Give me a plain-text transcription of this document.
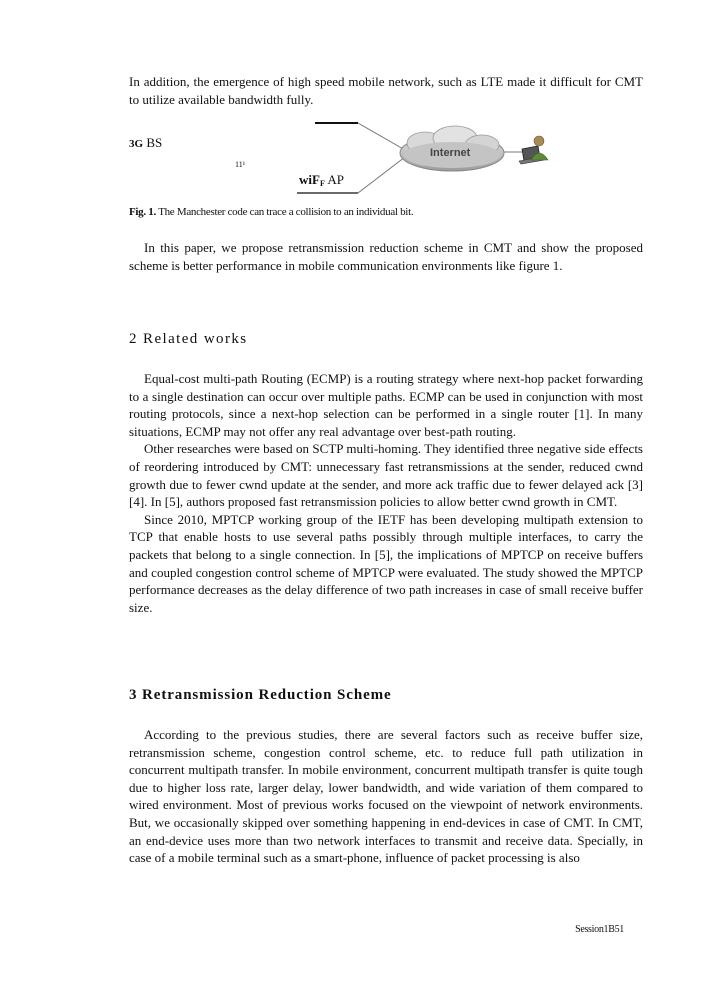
In addition, the emergence of high speed mobile network, such as LTE made it difficult for CMT to utilize available bandwidth fully.

Internet
3G BS
11¹
wiFF AP
Fig. 1. The Manchester code can trace a collision to an individual bit.

In this paper, we propose retransmission reduction scheme in CMT and show the proposed scheme is better performance in mobile communication environments like figure 1.

2 Related works

Equal-cost multi-path Routing (ECMP) is a routing strategy where next-hop packet forwarding to a single destination can occur over multiple paths. ECMP can be used in conjunction with most routing protocols, since a next-hop selection can be performed in a single router [1]. In many situations, ECMP may not offer any real advantage over best-path routing.

Other researches were based on SCTP multi-homing. They identified three negative side effects of reordering introduced by CMT: unnecessary fast retransmissions at the sender, reduced cwnd growth due to fewer cwnd update at the sender, and more ack traffic due to fewer delayed ack [3][4]. In [5], authors proposed fast retransmission policies to allow better cwnd growth in CMT.

Since 2010, MPTCP working group of the IETF has been developing multipath extension to TCP that enable hosts to use several paths possibly through multiple interfaces, to carry the packets that belong to a single connection. In [5], the implications of MPTCP on receive buffers and coupled congestion control scheme of MPTCP were evaluated. The study showed the MPTCP performance decreases as the delay difference of two path increases in case of small receive buffer size.

3 Retransmission Reduction Scheme

According to the previous studies, there are several factors such as receive buffer size, retransmission scheme, congestion control scheme, etc. to reduce full path utilization in concurrent multipath transfer. In mobile environment, concurrent multipath transfer is quite tough due to higher loss rate, larger delay, lower bandwidth, and wide variation of them compared to wired environment. Most of previous works focused on the viewpoint of network environments. But, we occasionally skipped over something happening in end-devices in case of CMT. In CMT, an end-device uses more than two network interfaces to transmit and receive data. Specially, in case of a mobile terminal such as a smart-phone, influence of packet processing is also

Session1B51
